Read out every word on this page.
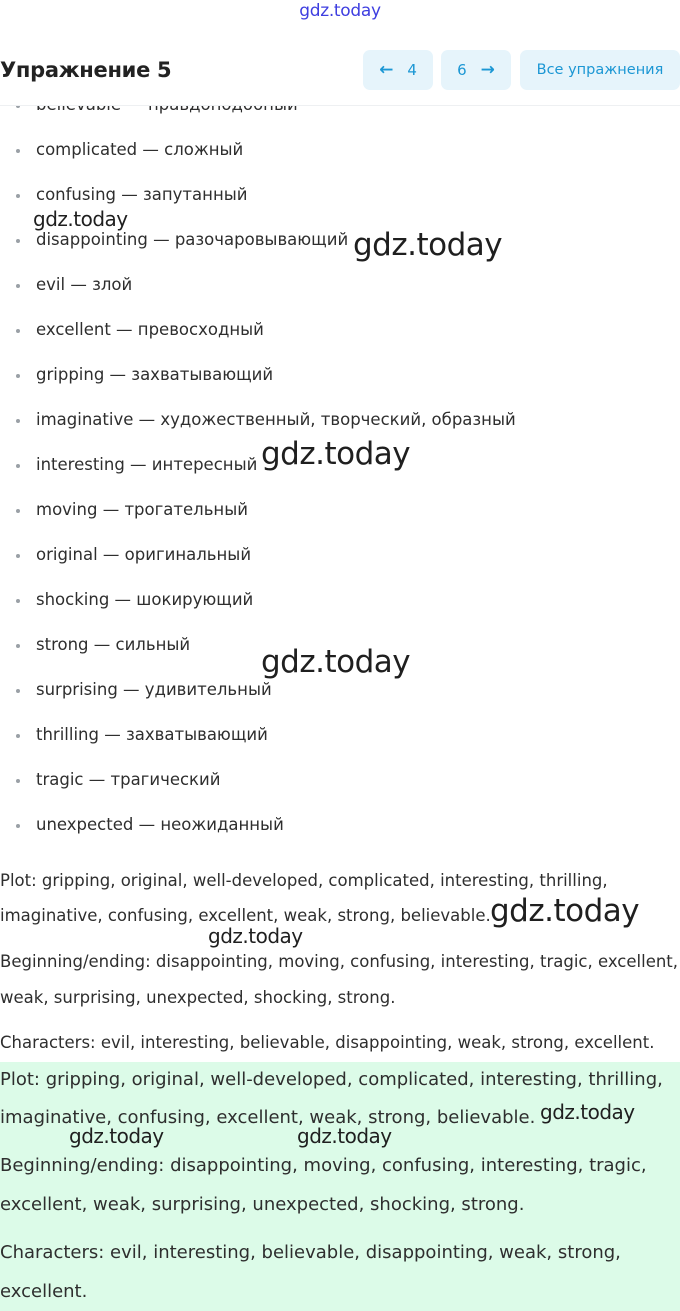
gdz.today
Упражнение 5	← 4	6 →	Все упражнения
complicated — сложный
confusing — запутанный
disappointing — разочаровывающий
evil — злой
excellent — превосходный
gripping — захватывающий
imaginative — художественный, творческий, образный
interesting — интересный
moving — трогательный
original — оригинальный
shocking — шокирующий
strong — сильный
surprising — удивительный
thrilling — захватывающий
tragic — трагический
unexpected — неожиданный
Plot: gripping, original, well-developed, complicated, interesting, thrilling,
imaginative, confusing, excellent, weak, strong, believable.
Beginning/ending: disappointing, moving, confusing, interesting, tragic, excellent,
weak, surprising, unexpected, shocking, strong.
Characters: evil, interesting, believable, disappointing, weak, strong, excellent.
Plot: gripping, original, well-developed, complicated, interesting, thrilling,
imaginative, confusing, excellent, weak, strong, believable.
Beginning/ending: disappointing, moving, confusing, interesting, tragic,
excellent, weak, surprising, unexpected, shocking, strong.
Characters: evil, interesting, believable, disappointing, weak, strong,
excellent.
gdz.today
gdz.today
gdz.today
gdz.today
gdz.today
gdz.today
gdz.today
gdz.today	gdz.today
